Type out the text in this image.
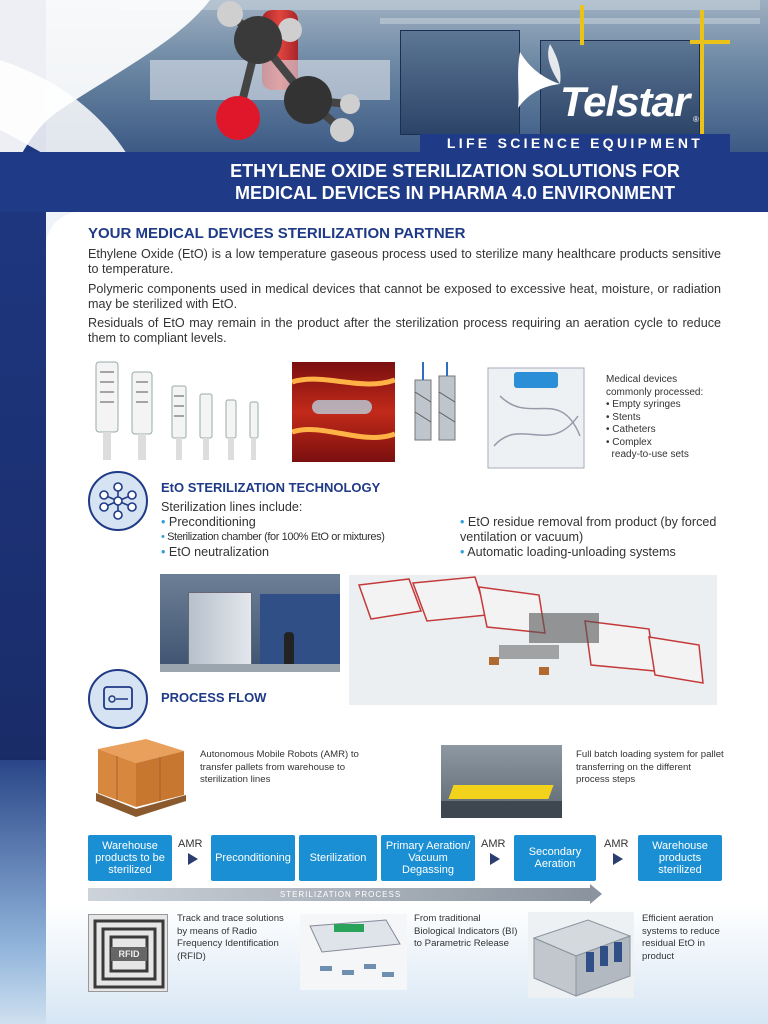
Telstar ®
LIFE SCIENCE EQUIPMENT
ETHYLENE OXIDE STERILIZATION SOLUTIONS FOR
MEDICAL DEVICES IN PHARMA 4.0 ENVIRONMENT
YOUR MEDICAL DEVICES STERILIZATION PARTNER
Ethylene Oxide (EtO) is a low temperature gaseous process used to sterilize many healthcare products sensitive to temperature.
Polymeric components used in medical devices that cannot be exposed to excessive heat, moisture, or radiation may be sterilized with EtO.
Residuals of EtO may remain in the product after the sterilization process requiring an aeration cycle to reduce them to compliant levels.
Medical devices
commonly processed:
• Empty syringes
• Stents
• Catheters
• Complex
ready-to-use sets
EtO STERILIZATION TECHNOLOGY
Sterilization lines include:
• Preconditioning
• Sterilization chamber (for 100% EtO or mixtures)
• EtO neutralization
• EtO residue removal from product (by forced ventilation or vacuum)
• Automatic loading-unloading systems
PROCESS FLOW
Autonomous Mobile Robots (AMR) to transfer pallets from warehouse to sterilization lines
Full batch loading system for pallet transferring on the different process steps
Warehouse products to be sterilized
AMR
Preconditioning	Sterilization
Primary Aeration/ Vacuum Degassing
AMR
Secondary Aeration
AMR	Warehouse products sterilized
STERILIZATION PROCESS
RFID
Track and trace solutions by means of Radio Frequency Identification (RFID)
From traditional Biological Indicators (BI) to Parametric Release
Efficient aeration systems to reduce residual EtO in product
